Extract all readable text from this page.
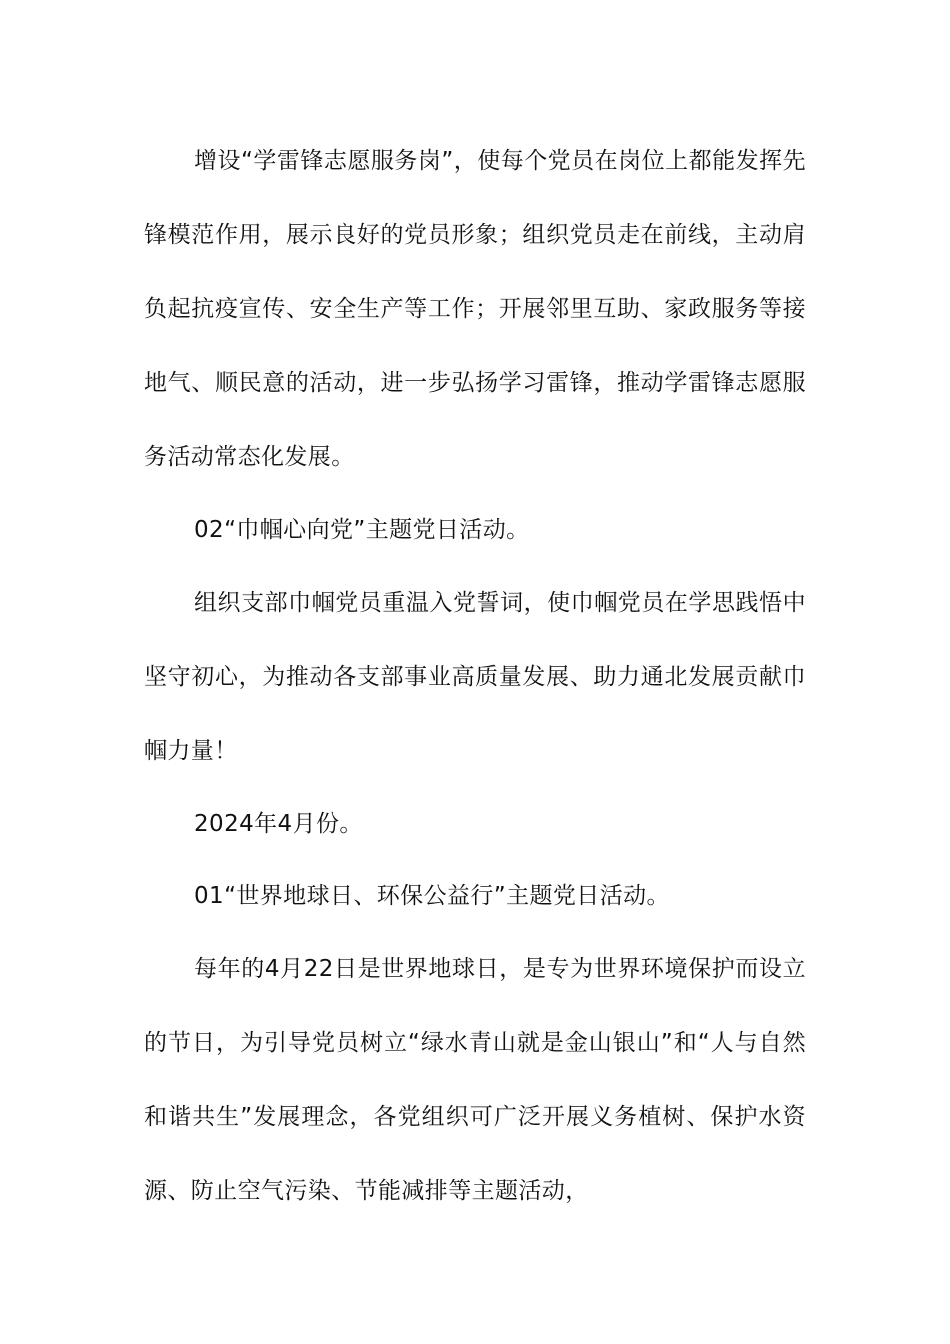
增设“学雷锋志愿服务岗”，使每个党员在岗位上都能发挥先锋模范作用，展示良好的党员形象；组织党员走在前线，主动肩负起抗疫宣传、安全生产等工作；开展邻里互助、家政服务等接地气、顺民意的活动，进一步弘扬学习雷锋，推动学雷锋志愿服务活动常态化发展。

02“巾帼心向党”主题党日活动。

组织支部巾帼党员重温入党誓词，使巾帼党员在学思践悟中坚守初心，为推动各支部事业高质量发展、助力通北发展贡献巾帼力量！

2024年4月份。

01“世界地球日、环保公益行”主题党日活动。

每年的4月22日是世界地球日，是专为世界环境保护而设立的节日，为引导党员树立“绿水青山就是金山银山”和“人与自然和谐共生”发展理念，各党组织可广泛开展义务植树、保护水资源、防止空气污染、节能减排等主题活动，
